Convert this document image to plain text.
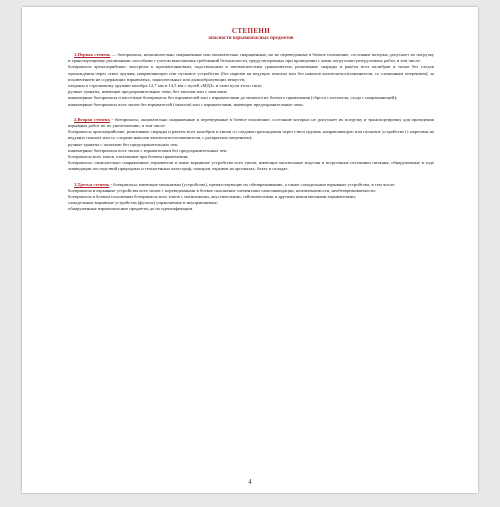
СТЕПЕНИ
опасности взрывоопасных предметов

1.Первая степень — боеприпасы, неокончательно снаряженные или окончательно снаряженные, но не переведенные в боевое положение, состояние которых допускает их погрузку и транспортировку различными способами с учетом выполнения требований безопасности, предусмотренных при проведении с ними погрузочно-разгрузочных работ, в том числе:

боеприпасы артиллерийские, выстрелы к противотанковым, подствольным и автоматическим гранатометам, реактивные снаряды и ракеты всех калибров и типов без следов прохождения через ствол оружия, направляющую или пусковое устройство (без нарезов на ведущих поясках или без наколов капсюля-воспламенителя, со сложенным оперением), за исключением не содержащих взрывчатых, зажигательных или дымообразующих веществ;
патроны к стрелковому оружию калибра 12,7 мм и 14,5 мм с пулей «МДЗ» и сами пули этого типа;
ручные гранаты, имеющие предохранительные чеки, без запалов или с запалами;
инженерные боеприпасы и кассетные боеприпасы без взрывателей или с взрывателями до момента их боевого применения (сброса с носителя, схода с направляющей);
инженерные боеприпасы всех типов без взрывателей (запалов) или с взрывателями, имеющие предохранительные чеки.

2.Вторая степень - боеприпасы, окончательно снаряженные и переведенные в боевое положение, состояние которых не допускает их погрузку и транспортировку для проведения взрывных работ по их уничтожению, в том числе:

боеприпасы артиллерийские, реактивные снаряды и ракеты всех калибров и типов со следами прохождения через ствол оружия, направляющую или пусковое устройство (с нарезами на ведущих поясках или со следами наколов капсюля-воспламенителя, с раскрытым оперением);
ручные гранаты с запалами без предохранительных чек;
инженерные боеприпасы всех типов с взрывателями без предохранительных чек;
боеприпасы всех типов, отказавшие при боевом применении;
боеприпасы, окончательно снаряженные, взрыватели и иные взрывные устройства всех типов, имеющие капсюльные изделия и встроенные источники питания, обнаруженные в ходе ликвидации последствий природных и техногенных катастроф, пожаров, взрывов на арсеналах, базах и складах.

3.Третья степень - боеприпасы, имеющие механизмы (устройства), препятствующие их обезвреживанию, а также самодельные взрывные устройства, в том числе:

боеприпасы и взрывные устройства всех типов с переведенными в боевое положение элементами самоликвидации, неизвлекаемости, необезвреживаемости;
боеприпасы в боевом положении боеприпасы всех типов с магнитными, акустическими, сейсмическими и другими неконтактными взрывателями;
самодельные взрывные устройства (фугасы) управляемые и неуправляемые;
обнаруженные взрывоопасные предметы до их идентификации.
4
